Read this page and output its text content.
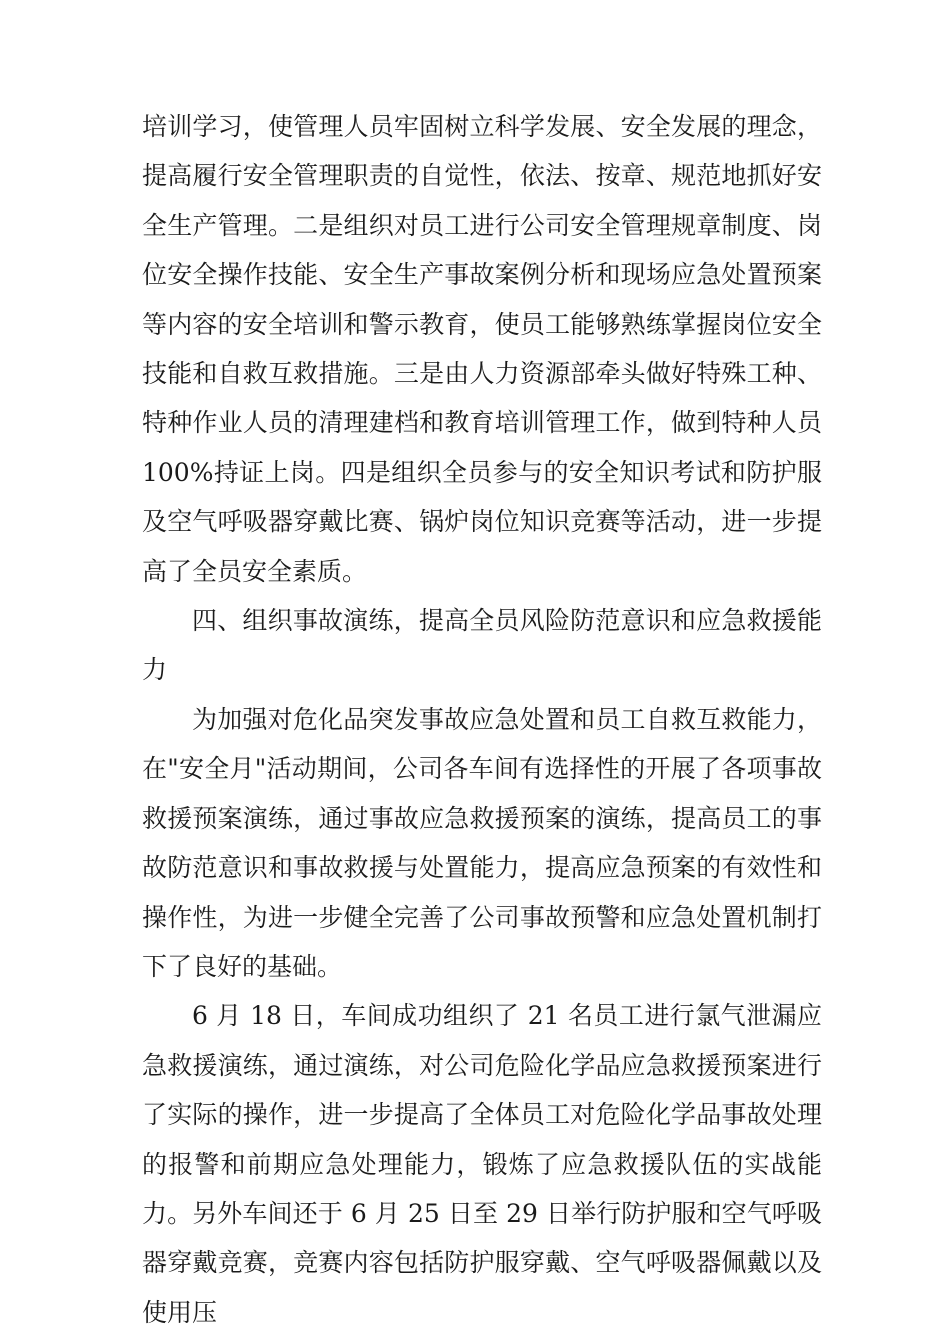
培训学习，使管理人员牢固树立科学发展、安全发展的理念，提高履行安全管理职责的自觉性，依法、按章、规范地抓好安全生产管理。二是组织对员工进行公司安全管理规章制度、岗位安全操作技能、安全生产事故案例分析和现场应急处置预案等内容的安全培训和警示教育，使员工能够熟练掌握岗位安全技能和自救互救措施。三是由人力资源部牵头做好特殊工种、特种作业人员的清理建档和教育培训管理工作，做到特种人员100%持证上岗。四是组织全员参与的安全知识考试和防护服及空气呼吸器穿戴比赛、锅炉岗位知识竞赛等活动，进一步提高了全员安全素质。

四、组织事故演练，提高全员风险防范意识和应急救援能力

为加强对危化品突发事故应急处置和员工自救互救能力，在"安全月"活动期间，公司各车间有选择性的开展了各项事故救援预案演练，通过事故应急救援预案的演练，提高员工的事故防范意识和事故救援与处置能力，提高应急预案的有效性和操作性，为进一步健全完善了公司事故预警和应急处置机制打下了良好的基础。

6 月 18 日，车间成功组织了 21 名员工进行氯气泄漏应急救援演练，通过演练，对公司危险化学品应急救援预案进行了实际的操作，进一步提高了全体员工对危险化学品事故处理的报警和前期应急处理能力，锻炼了应急救援队伍的实战能力。另外车间还于 6 月 25 日至 29 日举行防护服和空气呼吸器穿戴竞赛，竞赛内容包括防护服穿戴、空气呼吸器佩戴以及使用压
